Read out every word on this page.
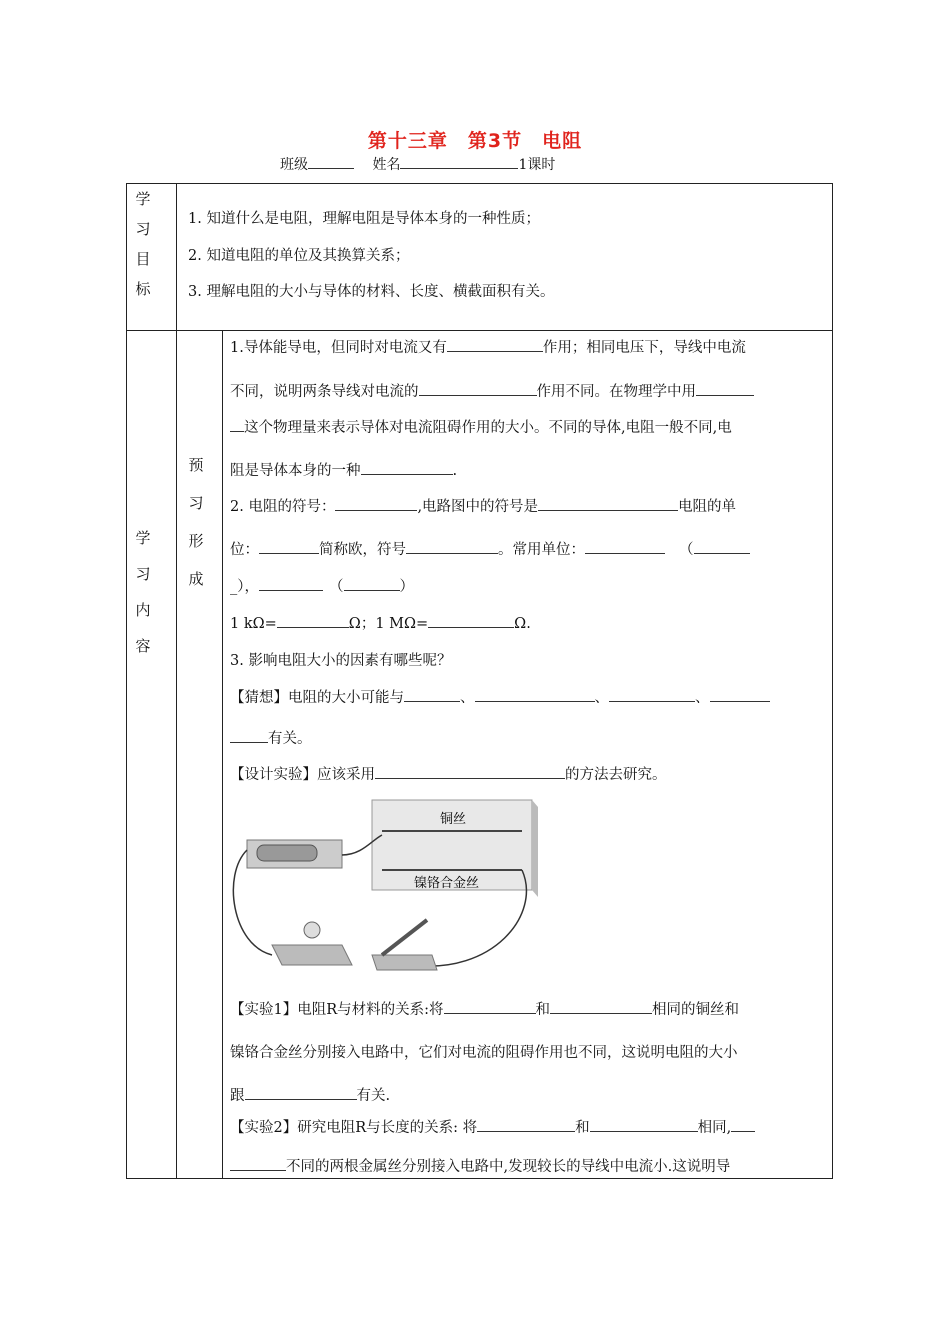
第十三章 第3节 电阻
班级	姓名	1课时
学
习
目
标
1. 知道什么是电阻，理解电阻是导体本身的一种性质；
2. 知道电阻的单位及其换算关系；
3. 理解电阻的大小与导体的材料、长度、横截面积有关。
学
习
内
容
预
习
形
成
1.导体能导电，但同时对电流又有	作用；相同电压下，导线中电流
不同，说明两条导线对电流的	作用不同。在物理学中用
这个物理量来表示导体对电流阻碍作用的大小。不同的导体,电阻一般不同,电
阻是导体本身的一种	.
2. 电阻的符号：	,电路图中的符号是	电阻的单
位：	简称欧，符号	。常用单位：	（
_），	（	）
1 kΩ=	Ω；1 MΩ=	Ω.
3. 影响电阻大小的因素有哪些呢？
【猜想】电阻的大小可能与	、	、	、
有关。
【设计实验】应该采用	的方法去研究。
铜丝
镍铬合金丝
【实验1】电阻R与材料的关系:将	和	相同的铜丝和
镍铬合金丝分别接入电路中，它们对电流的阻碍作用也不同，这说明电阻的大小
跟	有关.
【实验2】研究电阻R与长度的关系: 将	和	相同,
不同的两根金属丝分别接入电路中,发现较长的导线中电流小.这说明导
